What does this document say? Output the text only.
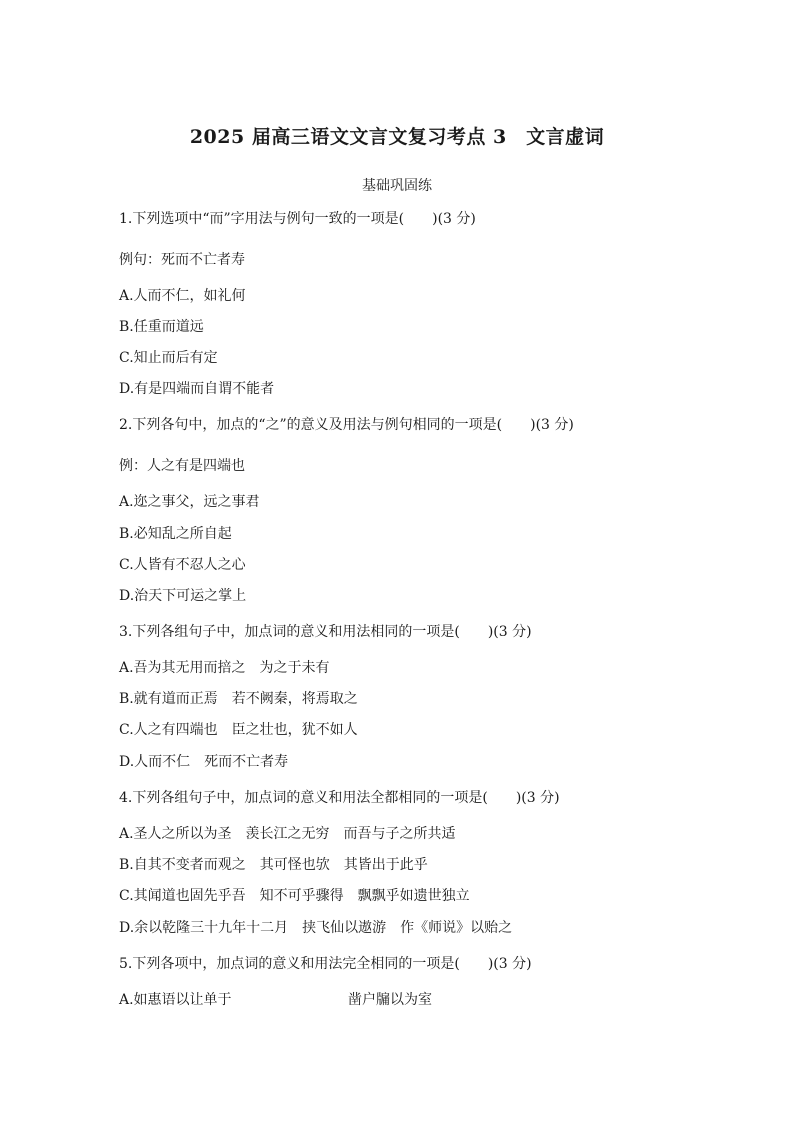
2025 届高三语文文言文复习考点 3　文言虚词
基础巩固练
1.下列选项中“而”字用法与例句一致的一项是(　　)(3 分)
例句：死而不亡者寿
A.人而不仁，如礼何
B.任重而道远
C.知止而后有定
D.有是四端而自谓不能者
2.下列各句中，加点的“之”的意义及用法与例句相同的一项是(　　)(3 分)
例：人之有是四端也
A.迩之事父，远之事君
B.必知乱之所自起
C.人皆有不忍人之心
D.治天下可运之掌上
3.下列各组句子中，加点词的意义和用法相同的一项是(　　)(3 分)
A.吾为其无用而掊之　为之于未有
B.就有道而正焉　若不阙秦，将焉取之
C.人之有四端也　臣之壮也，犹不如人
D.人而不仁　死而不亡者寿
4.下列各组句子中，加点词的意义和用法全都相同的一项是(　　)(3 分)
A.圣人之所以为圣　羡长江之无穷　而吾与子之所共适
B.自其不变者而观之　其可怪也欤　其皆出于此乎
C.其闻道也固先乎吾　知不可乎骤得　飘飘乎如遗世独立
D.余以乾隆三十九年十二月　挟飞仙以遨游　作《师说》以贻之
5.下列各项中，加点词的意义和用法完全相同的一项是(　　)(3 分)
A.如惠语以让单于	凿户牖以为室
